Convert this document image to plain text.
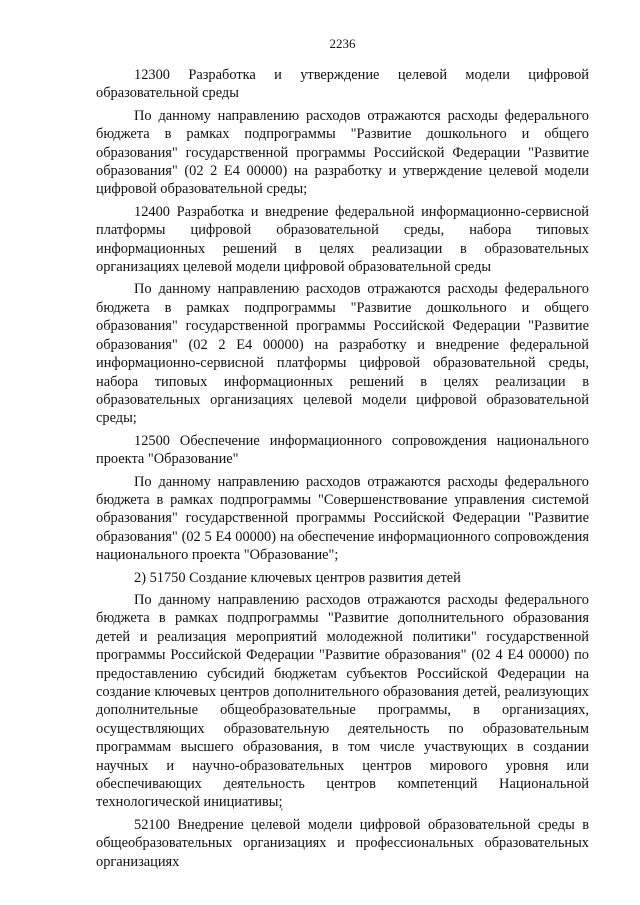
2236

12300 Разработка и утверждение целевой модели цифровой образовательной среды

По данному направлению расходов отражаются расходы федерального бюджета в рамках подпрограммы "Развитие дошкольного и общего образования" государственной программы Российской Федерации "Развитие образования" (02 2 Е4 00000) на разработку и утверждение целевой модели цифровой образовательной среды;

12400 Разработка и внедрение федеральной информационно-сервисной платформы цифровой образовательной среды, набора типовых информационных решений в целях реализации в образовательных организациях целевой модели цифровой образовательной среды

По данному направлению расходов отражаются расходы федерального бюджета в рамках подпрограммы "Развитие дошкольного и общего образования" государственной программы Российской Федерации "Развитие образования" (02 2 Е4 00000) на разработку и внедрение федеральной информационно-сервисной платформы цифровой образовательной среды, набора типовых информационных решений в целях реализации в образовательных организациях целевой модели цифровой образовательной среды;

12500 Обеспечение информационного сопровождения национального проекта "Образование"

По данному направлению расходов отражаются расходы федерального бюджета в рамках подпрограммы "Совершенствование управления системой образования" государственной программы Российской Федерации "Развитие образования" (02 5 Е4 00000) на обеспечение информационного сопровождения национального проекта "Образование";

2) 51750 Создание ключевых центров развития детей

По данному направлению расходов отражаются расходы федерального бюджета в рамках подпрограммы "Развитие дополнительного образования детей и реализация мероприятий молодежной политики" государственной программы Российской Федерации "Развитие образования" (02 4 Е4 00000) по предоставлению субсидий бюджетам субъектов Российской Федерации на создание ключевых центров дополнительного образования детей, реализующих дополнительные общеобразовательные программы, в организациях, осуществляющих образовательную деятельность по образовательным программам высшего образования, в том числе участвующих в создании научных и научно-образовательных центров мирового уровня или обеспечивающих деятельность центров компетенций Национальной технологической инициативы;

52100 Внедрение целевой модели цифровой образовательной среды в общеобразовательных организациях и профессиональных образовательных организациях

ʻ
